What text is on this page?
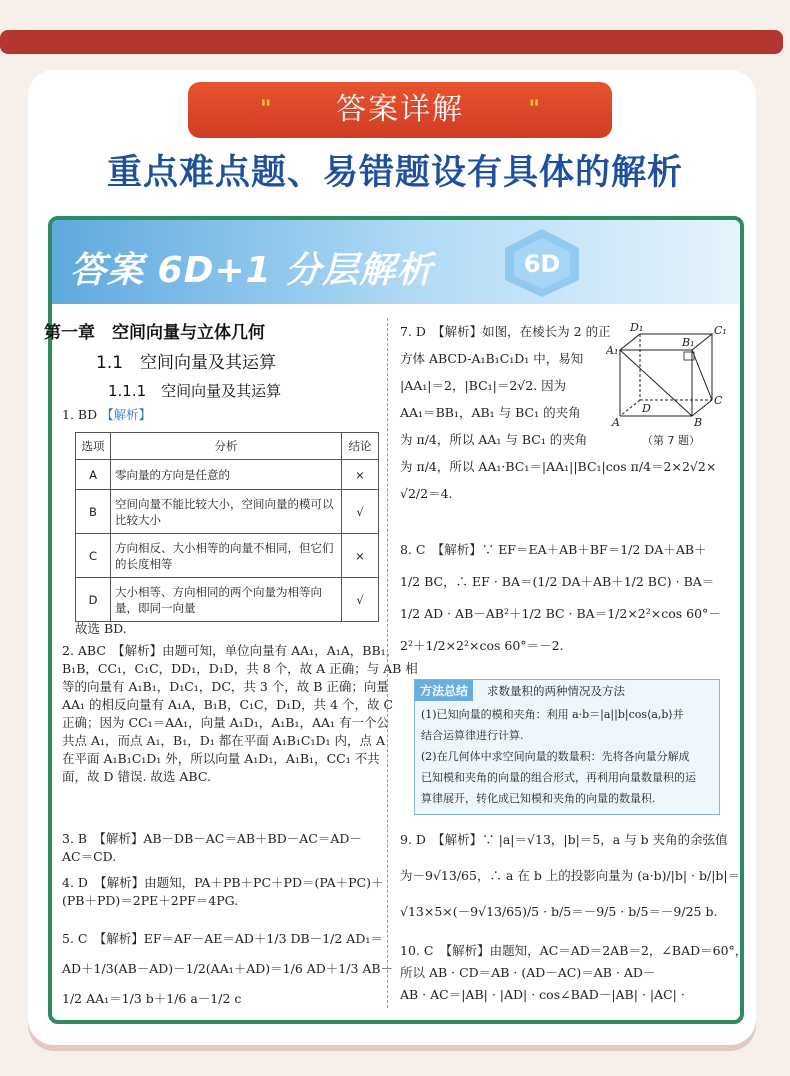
" 答案详解	"
重点难点题、易错题设有具体的解析
答案 6D+1 分层解析	6D
第一章　空间向量与立体几何
1.1　空间向量及其运算
1.1.1　空间向量及其运算
1. BD 【解析】
选项	分析	结论
A	零向量的方向是任意的	×
B	空间向量不能比较大小，空间向量的模可以比较大小	√
C	方向相反、大小相等的向量不相同，但它们的长度相等	×
D	大小相等、方向相同的两个向量为相等向量，即同一向量	√
故选 BD.
2. ABC　【解析】由题可知，单位向量有 AA₁，A₁A，BB₁，
B₁B，CC₁，C₁C，DD₁，D₁D，共 8 个，故 A 正确；与 AB 相
等的向量有 A₁B₁，D₁C₁，DC，共 3 个，故 B 正确；向量
AA₁ 的相反向量有 A₁A，B₁B，C₁C，D₁D，共 4 个，故 C
正确；因为 CC₁＝AA₁，向量 A₁D₁，A₁B₁，AA₁ 有一个公
共点 A₁，而点 A₁，B₁，D₁ 都在平面 A₁B₁C₁D₁ 内，点 A
在平面 A₁B₁C₁D₁ 外，所以向量 A₁D₁，A₁B₁，CC₁ 不共
面，故 D 错误. 故选 ABC.
3. B　【解析】AB－DB－AC＝AB＋BD－AC＝AD－
AC＝CD.
4. D　【解析】由题知，PA＋PB＋PC＋PD＝(PA＋PC)＋
(PB＋PD)＝2PE＋2PF＝4PG.
5. C　【解析】EF＝AF－AE＝AD＋1/3 DB－1/2 AD₁＝
AD＋1/3(AB－AD)－1/2(AA₁＋AD)＝1/6 AD＋1/3 AB－
1/2 AA₁＝1/3 b＋1/6 a－1/2 c
7. D　【解析】如图，在棱长为 2 的正
方体 ABCD-A₁B₁C₁D₁ 中，易知
|AA₁|＝2，|BC₁|＝2√2. 因为
AA₁＝BB₁，AB₁ 与 BC₁ 的夹角
为 π/4，所以 AA₁ 与 BC₁ 的夹角
为 π/4，所以 AA₁·BC₁＝|AA₁||BC₁|cos π/4＝2×2√2×
√2/2＝4.
D₁	C₁
A₁
B₁
D
C
A	B
（第 7 题）
8. C　【解析】∵ EF＝EA＋AB＋BF＝1/2 DA＋AB＋
1/2 BC，∴ EF · BA＝(1/2 DA＋AB＋1/2 BC) · BA＝
1/2 AD · AB－AB²＋1/2 BC · BA＝1/2×2²×cos 60°－
2²＋1/2×2²×cos 60°＝－2.
方法总结	求数量积的两种情况及方法
(1)已知向量的模和夹角：利用 a·b＝|a||b|cos⟨a,b⟩并
结合运算律进行计算.
(2)在几何体中求空间向量的数量积：先将各向量分解成
已知模和夹角的向量的组合形式，再利用向量数量积的运
算律展开，转化成已知模和夹角的向量的数量积.
9. D　【解析】∵ |a|＝√13，|b|＝5，a 与 b 夹角的余弦值
为－9√13/65，∴ a 在 b 上的投影向量为 (a·b)/|b| · b/|b|＝
√13×5×(－9√13/65)/5 · b/5＝－9/5 · b/5＝－9/25 b.
10. C　【解析】由题知，AC＝AD＝2AB＝2，∠BAD＝60°，
所以 AB · CD＝AB · (AD－AC)＝AB · AD－
AB · AC＝|AB| · |AD| · cos∠BAD－|AB| · |AC| ·
